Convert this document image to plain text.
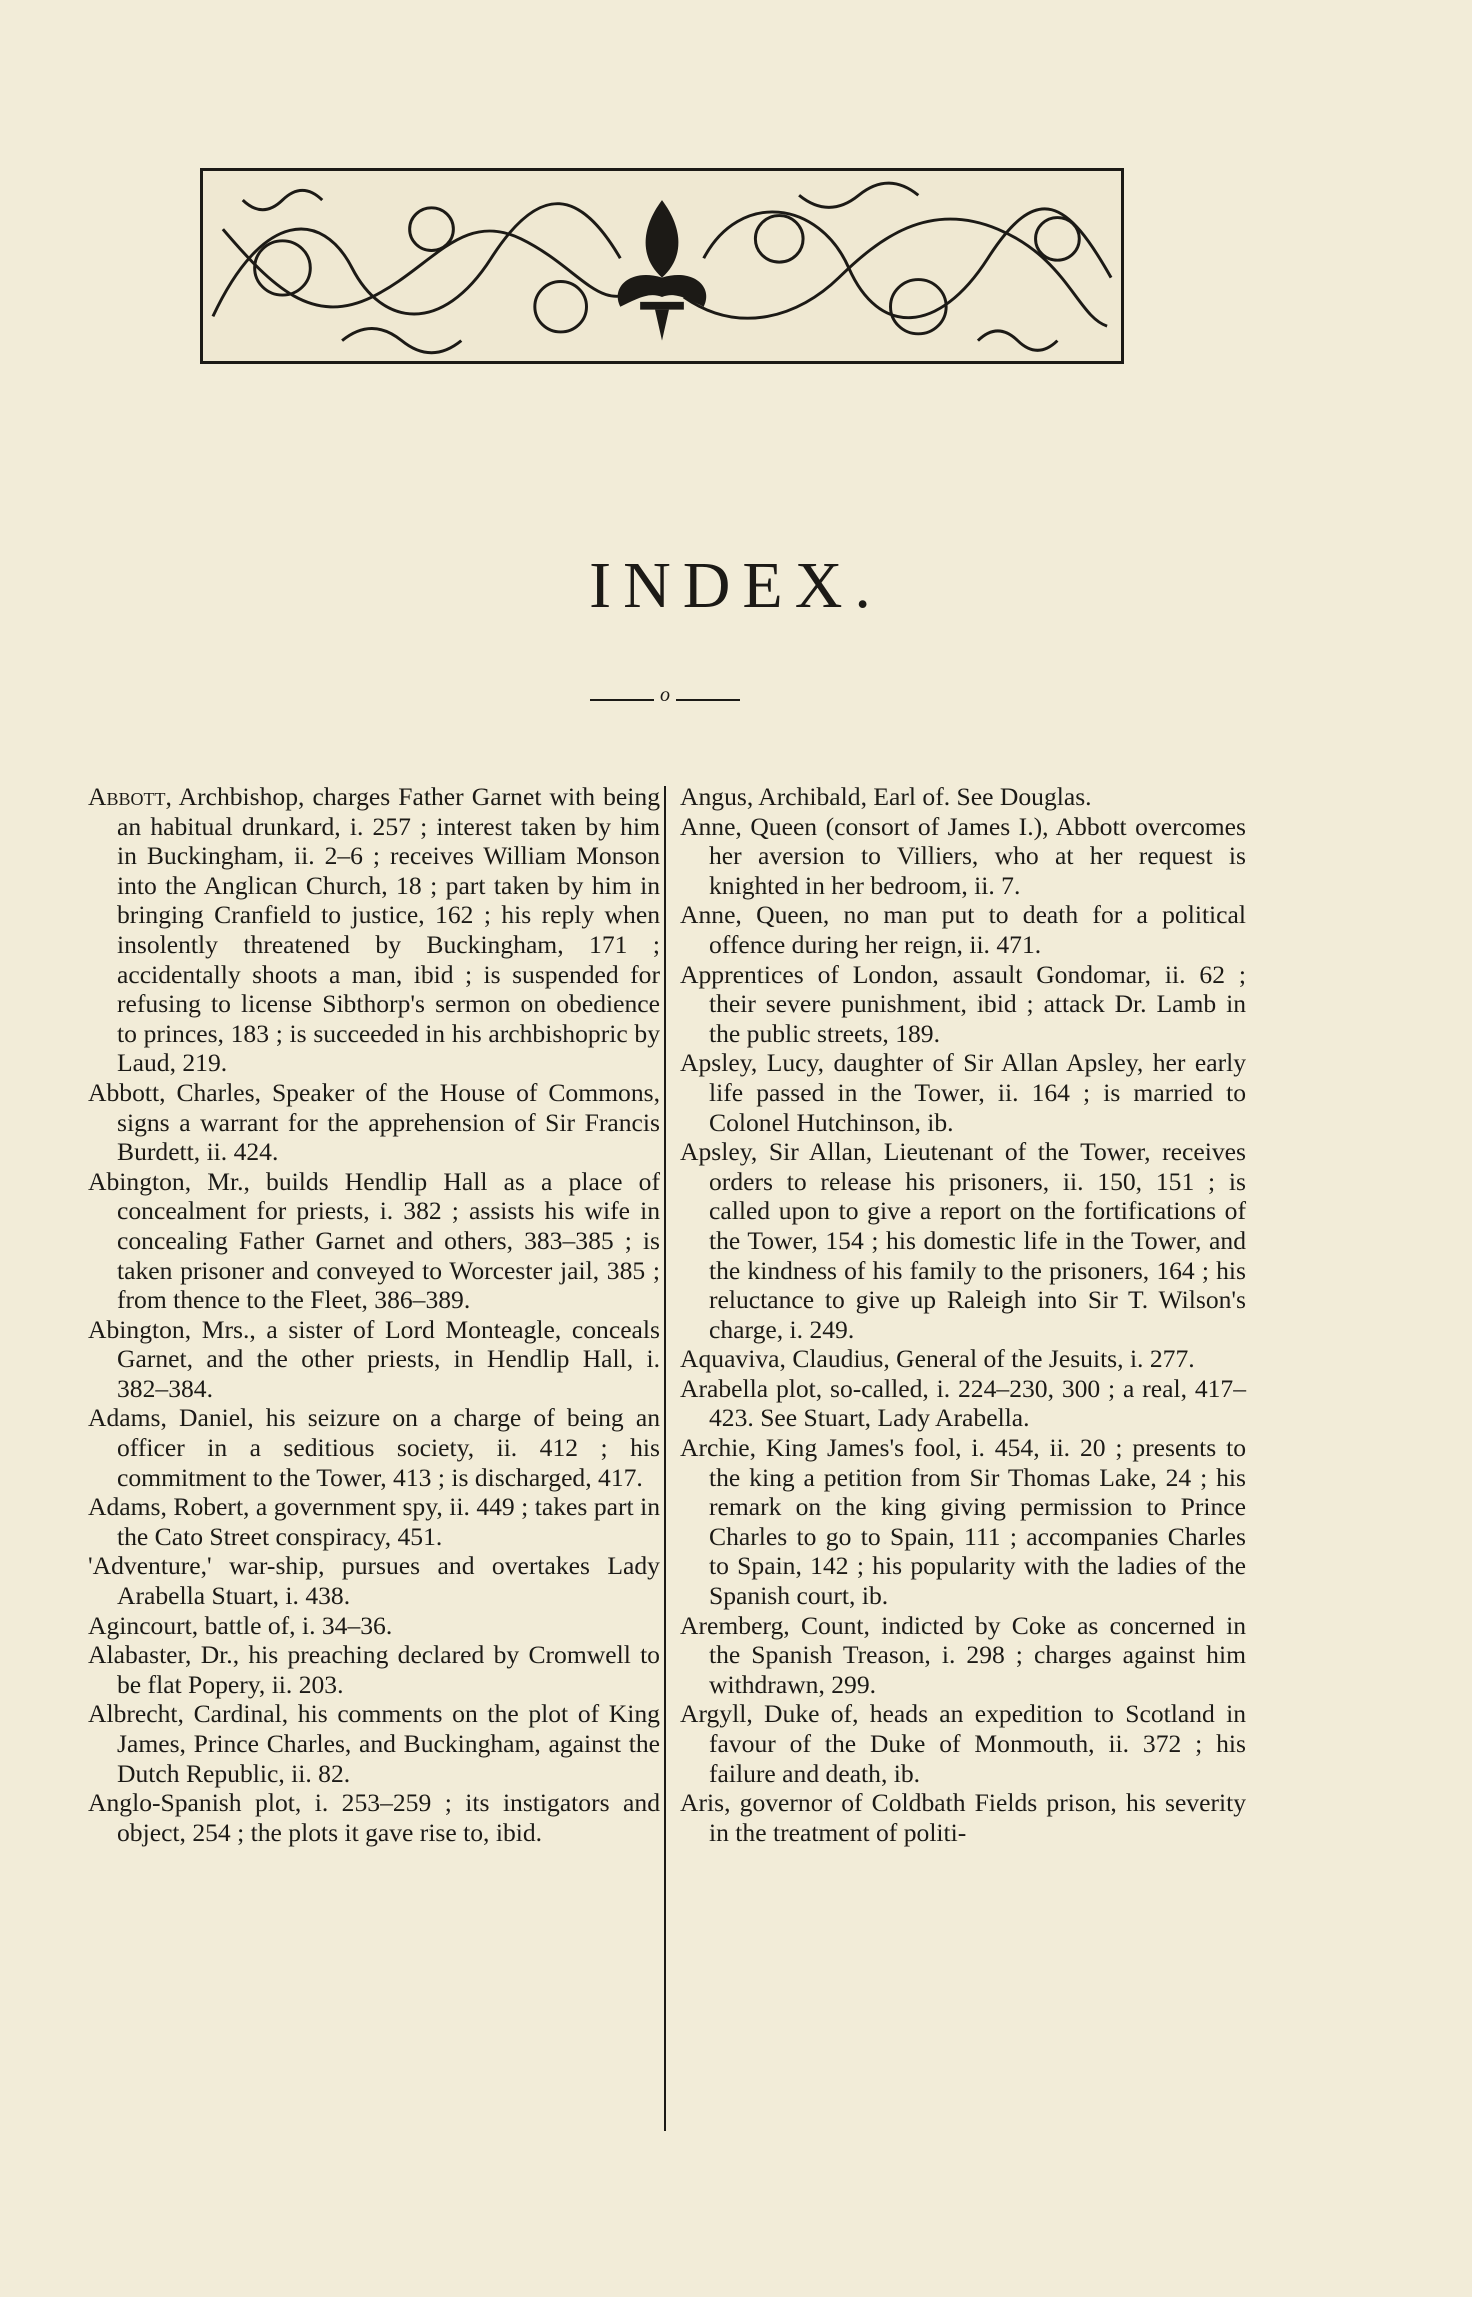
INDEX.
o

Abbott, Archbishop, charges Father Garnet with being an habitual drunkard, i. 257 ; interest taken by him in Buckingham, ii. 2–6 ; receives William Monson into the Anglican Church, 18 ; part taken by him in bringing Cranfield to justice, 162 ; his reply when insolently threatened by Buckingham, 171 ; accidentally shoots a man, ibid ; is suspended for refusing to license Sibthorp's sermon on obedience to princes, 183 ; is succeeded in his archbishopric by Laud, 219.

Abbott, Charles, Speaker of the House of Commons, signs a warrant for the apprehension of Sir Francis Burdett, ii. 424.

Abington, Mr., builds Hendlip Hall as a place of concealment for priests, i. 382 ; assists his wife in concealing Father Garnet and others, 383–385 ; is taken prisoner and conveyed to Worcester jail, 385 ; from thence to the Fleet, 386–389.

Abington, Mrs., a sister of Lord Monteagle, conceals Garnet, and the other priests, in Hendlip Hall, i. 382–384.

Adams, Daniel, his seizure on a charge of being an officer in a seditious society, ii. 412 ; his commitment to the Tower, 413 ; is discharged, 417.

Adams, Robert, a government spy, ii. 449 ; takes part in the Cato Street conspiracy, 451.

'Adventure,' war-ship, pursues and overtakes Lady Arabella Stuart, i. 438.

Agincourt, battle of, i. 34–36.

Alabaster, Dr., his preaching declared by Cromwell to be flat Popery, ii. 203.

Albrecht, Cardinal, his comments on the plot of King James, Prince Charles, and Buckingham, against the Dutch Republic, ii. 82.

Anglo-Spanish plot, i. 253–259 ; its instigators and object, 254 ; the plots it gave rise to, ibid.

Angus, Archibald, Earl of. See Douglas.

Anne, Queen (consort of James I.), Abbott overcomes her aversion to Villiers, who at her request is knighted in her bedroom, ii. 7.

Anne, Queen, no man put to death for a political offence during her reign, ii. 471.

Apprentices of London, assault Gondomar, ii. 62 ; their severe punishment, ibid ; attack Dr. Lamb in the public streets, 189.

Apsley, Lucy, daughter of Sir Allan Apsley, her early life passed in the Tower, ii. 164 ; is married to Colonel Hutchinson, ib.

Apsley, Sir Allan, Lieutenant of the Tower, receives orders to release his prisoners, ii. 150, 151 ; is called upon to give a report on the fortifications of the Tower, 154 ; his domestic life in the Tower, and the kindness of his family to the prisoners, 164 ; his reluctance to give up Raleigh into Sir T. Wilson's charge, i. 249.

Aquaviva, Claudius, General of the Jesuits, i. 277.

Arabella plot, so-called, i. 224–230, 300 ; a real, 417–423. See Stuart, Lady Arabella.

Archie, King James's fool, i. 454, ii. 20 ; presents to the king a petition from Sir Thomas Lake, 24 ; his remark on the king giving permission to Prince Charles to go to Spain, 111 ; accompanies Charles to Spain, 142 ; his popularity with the ladies of the Spanish court, ib.

Aremberg, Count, indicted by Coke as concerned in the Spanish Treason, i. 298 ; charges against him withdrawn, 299.

Argyll, Duke of, heads an expedition to Scotland in favour of the Duke of Monmouth, ii. 372 ; his failure and death, ib.

Aris, governor of Coldbath Fields prison, his severity in the treatment of politi-
